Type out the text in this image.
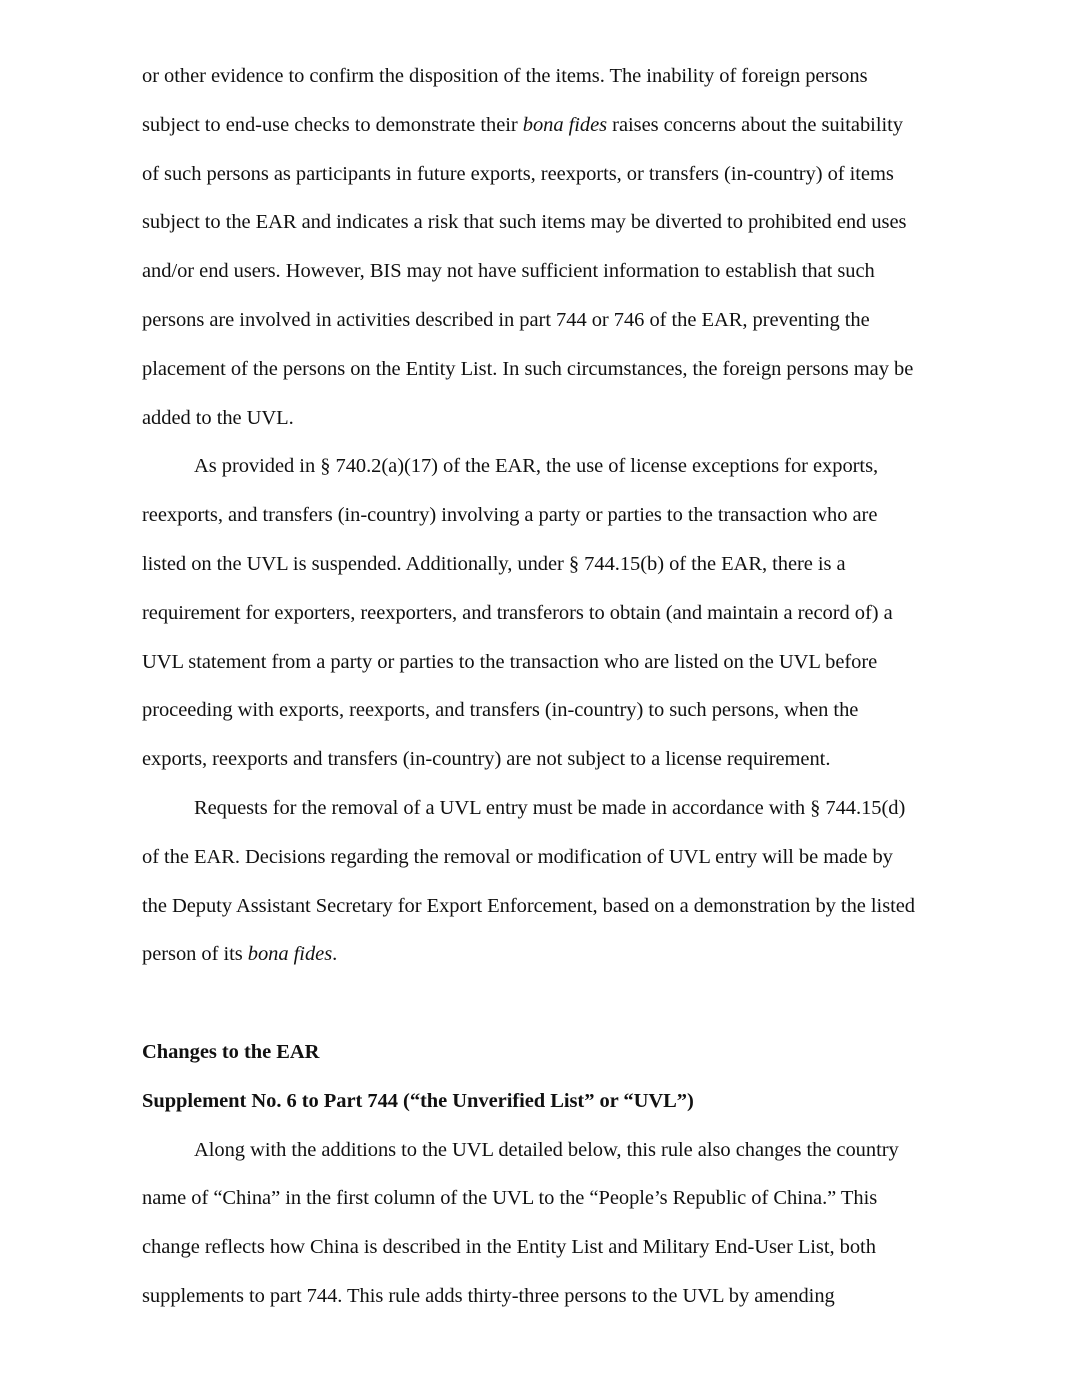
or other evidence to confirm the disposition of the items. The inability of foreign persons
subject to end-use checks to demonstrate their bona fides raises concerns about the suitability
of such persons as participants in future exports, reexports, or transfers (in-country) of items
subject to the EAR and indicates a risk that such items may be diverted to prohibited end uses
and/or end users. However, BIS may not have sufficient information to establish that such
persons are involved in activities described in part 744 or 746 of the EAR, preventing the
placement of the persons on the Entity List. In such circumstances, the foreign persons may be
added to the UVL.
As provided in § 740.2(a)(17) of the EAR, the use of license exceptions for exports,
reexports, and transfers (in-country) involving a party or parties to the transaction who are
listed on the UVL is suspended. Additionally, under § 744.15(b) of the EAR, there is a
requirement for exporters, reexporters, and transferors to obtain (and maintain a record of) a
UVL statement from a party or parties to the transaction who are listed on the UVL before
proceeding with exports, reexports, and transfers (in-country) to such persons, when the
exports, reexports and transfers (in-country) are not subject to a license requirement.
Requests for the removal of a UVL entry must be made in accordance with § 744.15(d)
of the EAR. Decisions regarding the removal or modification of UVL entry will be made by
the Deputy Assistant Secretary for Export Enforcement, based on a demonstration by the listed
person of its bona fides.
Changes to the EAR
Supplement No. 6 to Part 744 (“the Unverified List” or “UVL”)
Along with the additions to the UVL detailed below, this rule also changes the country
name of “China” in the first column of the UVL to the “People’s Republic of China.” This
change reflects how China is described in the Entity List and Military End-User List, both
supplements to part 744. This rule adds thirty-three persons to the UVL by amending
